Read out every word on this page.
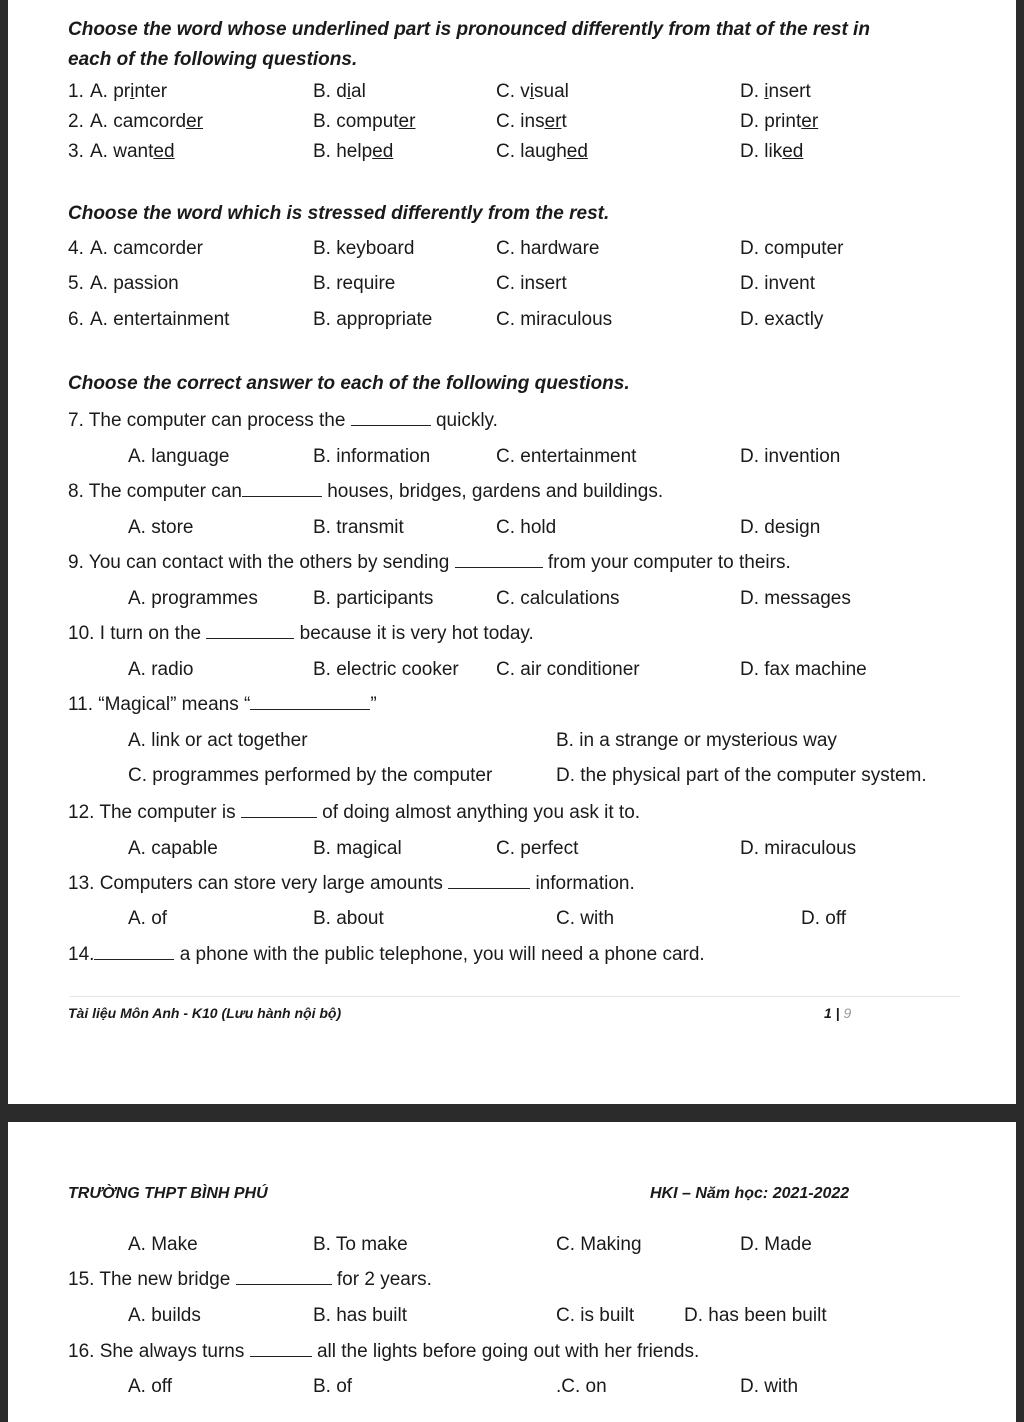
Choose the word whose underlined part is pronounced differently from that of the rest in
each of the following questions.
1. A. printer	B. dial	C. visual	D. insert
2. A. camcorder	B. computer	C. insert	D. printer
3. A. wanted	B. helped	C. laughed	D. liked
Choose the word which is stressed differently from the rest.
4. A. camcorder	B. keyboard	C. hardware	D. computer
5. A. passion	B. require	C. insert	D. invent
6. A. entertainment	B. appropriate	C. miraculous	D. exactly
Choose the correct answer to each of the following questions.
7. The computer can process the	quickly.
A. language	B. information	C. entertainment	D. invention
8. The computer can	houses, bridges, gardens and buildings.
A. store	B. transmit	C. hold	D. design
9. You can contact with the others by sending	from your computer to theirs.
A. programmes	B. participants	C. calculations	D. messages
10. I turn on the	because it is very hot today.
A. radio	B. electric cooker C. air conditioner	D. fax machine
11. “Magical” means “	”
A. link or act together	B. in a strange or mysterious way
C. programmes performed by the computer	D. the physical part of the computer system.
12. The computer is	of doing almost anything you ask it to.
A. capable	B. magical	C. perfect	D. miraculous
13. Computers can store very large amounts	information.
A. of	B. about	C. with	D. off
14.	a phone with the public telephone, you will need a phone card.
Tài liệu Môn Anh - K10 (Lưu hành nội bộ)	1 | 9
TRƯỜNG THPT BÌNH PHÚ	HKI – Năm học: 2021-2022
A. Make	B. To make	C. Making	D. Made
15. The new bridge	for 2 years.
A. builds	B. has built	C. is built	D. has been built
16. She always turns	all the lights before going out with her friends.
A. off	B. of	.C. on	D. with
